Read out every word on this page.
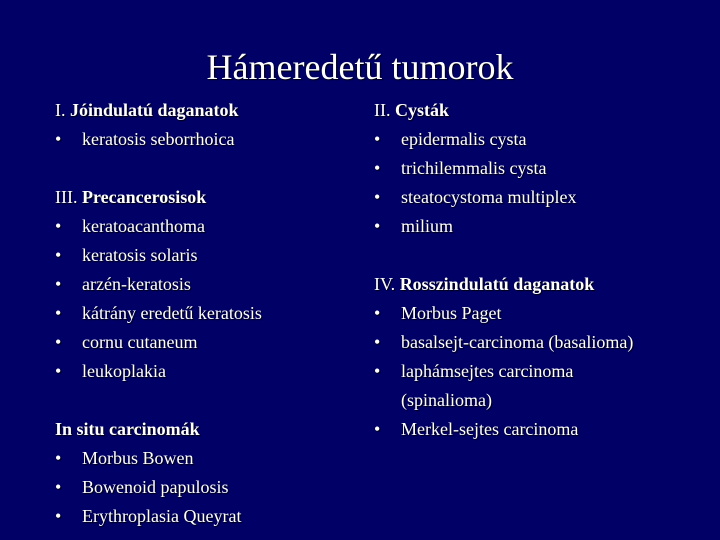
Hámeredetű tumorok
I. Jóindulatú daganatok
• keratosis seborrhoica
III. Precancerosisok
• keratoacanthoma
• keratosis solaris
• arzén-keratosis
• kátrány eredetű keratosis
• cornu cutaneum
• leukoplakia
In situ carcinomák
• Morbus Bowen
• Bowenoid papulosis
• Erythroplasia Queyrat
II. Cysták
• epidermalis cysta
• trichilemmalis cysta
• steatocystoma multiplex
• milium
IV. Rosszindulatú daganatok
• Morbus Paget
• basalsejt-carcinoma (basalioma)
• laphámsejtes carcinoma
(spinalioma)
• Merkel-sejtes carcinoma
